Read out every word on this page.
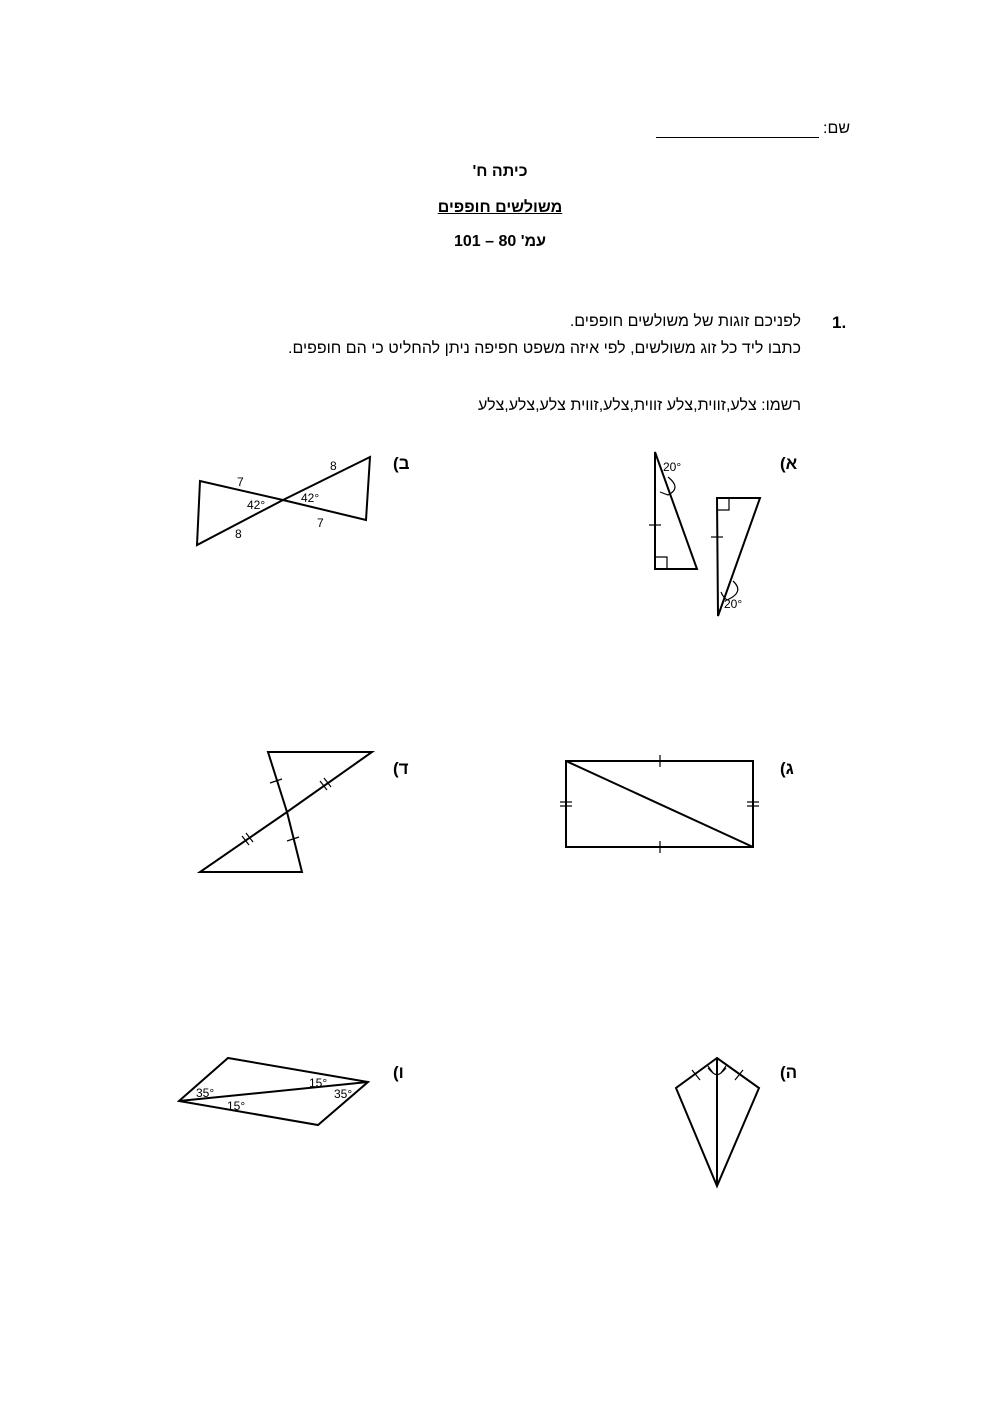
שם:
כיתה ח'
משולשים חופפים
עמ' 80 – 101
1.
לפניכם זוגות של משולשים חופפים.
כתבו ליד כל זוג משולשים, לפי איזה משפט חפיפה ניתן להחליט כי הם חופפים.
רשמו: צלע,זווית,צלע זווית,צלע,זווית צלע,צלע,צלע
א)
ב)
ג)
ד)
ה)
ו)
20°
20°
7
8
8
7
42°	42°
35°
15°
15°
35°
